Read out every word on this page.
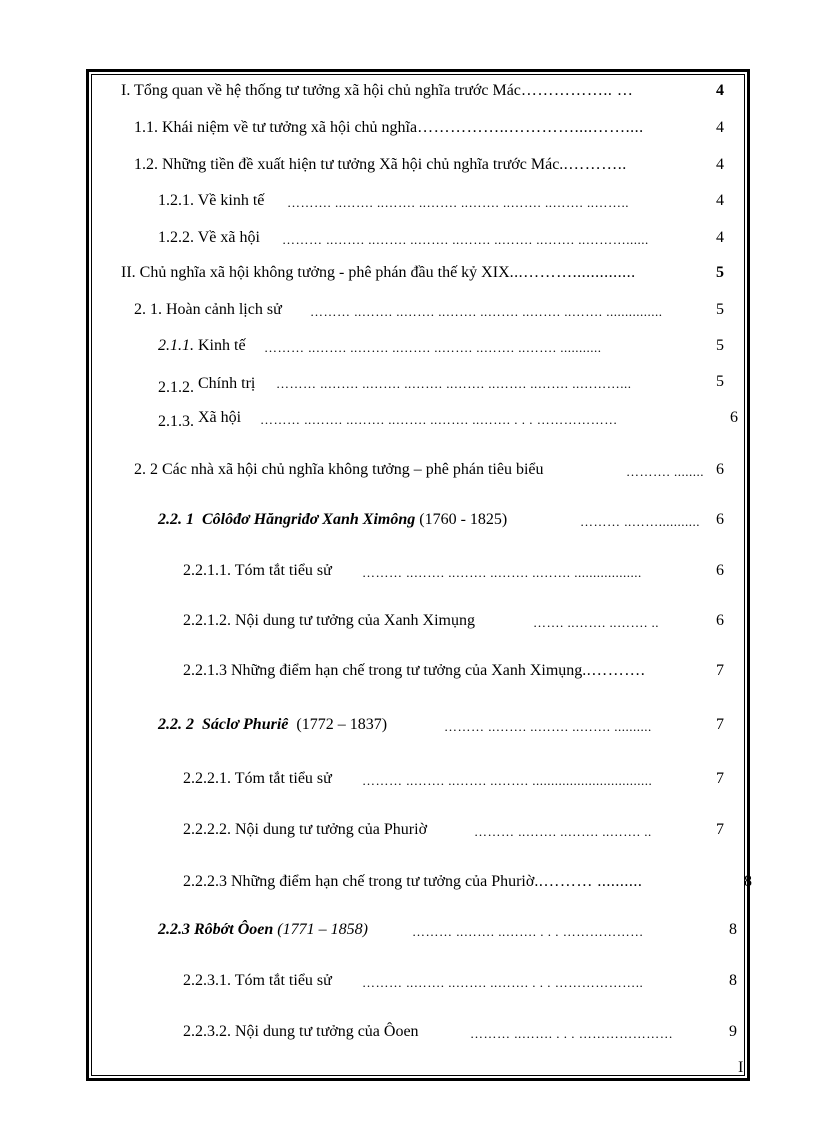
I. Tổng quan về hệ thống tư tưởng xã hội chủ nghĩa trước Mác…………….. …	4
1.1. Khái niệm về tư tưởng xã hội chủ nghĩa……………..…………....……....	4
1.2. Những tiền đề xuất hiện tư tưởng Xã hội chủ nghĩa trước Mác..………..	4
1.2.1. Về kinh tế ………. ..……. ..……. ..……. ..……. ..……. ..……. ..……..	4
1.2.2. Về xã hội ……… ..……. ..……. ..……. ..……. ..……. ..……. ..………......	4
II. Chủ nghĩa xã hội không tưởng - phê phán đầu thế kỷ XIX...………..............	5
2. 1. Hoàn cảnh lịch sử ……… ..……. ..……. ..……. ..……. ..……. ..……. ...............	5
2.1.1. Kinh tế ……… ..……. ..……. ..……. ..……. ..……. ..……. ...........	5
2.1.2. Chính trị ……… ..……. ..……. ..……. ..……. ..……. ..……. ..………...	5
2.1.3. Xã hội ……… ..……. ..……. ..……. ..……. ..……. . . . ………………	6
2. 2 Các nhà xã hội chủ nghĩa không tưởng – phê phán tiêu biểu	………. ........ 6
2.2. 1 Côlôđơ Hăngriđơ Xanh Ximông (1760 - 1825)	……… ..……...........	6
2.2.1.1. Tóm tắt tiểu sử ……… ..……. ..……. ..……. ..……. ..................	6
2.2.1.2. Nội dung tư tưởng của Xanh Ximụng	……. ..……. ..……. ..	6
2.2.1.3 Những điểm hạn chế trong tư tưởng của Xanh Ximụng..……….	7
2.2. 2 Sáclơ Phuriê (1772 – 1837)	……… ..……. ..……. ..……. ..........	7
2.2.2.1. Tóm tắt tiểu sử ……… ..……. ..……. ..……. ................................	7
2.2.2.2. Nội dung tư tưởng của Phuriờ	……… ..……. ..……. ..……. ..	7
2.2.2.3 Những điểm hạn chế trong tư tưởng của Phuriờ..……… ..........	8
2.2.3 Rôbớt Ôoen (1771 – 1858)	……… ..……. ..……. . . . ………………	8
2.2.3.1. Tóm tắt tiểu sử ……… ..……. ..……. ..……. . . . ………………..	8
2.2.3.2. Nội dung tư tưởng của Ôoen	……… ..……. . . . …………………	9
I
